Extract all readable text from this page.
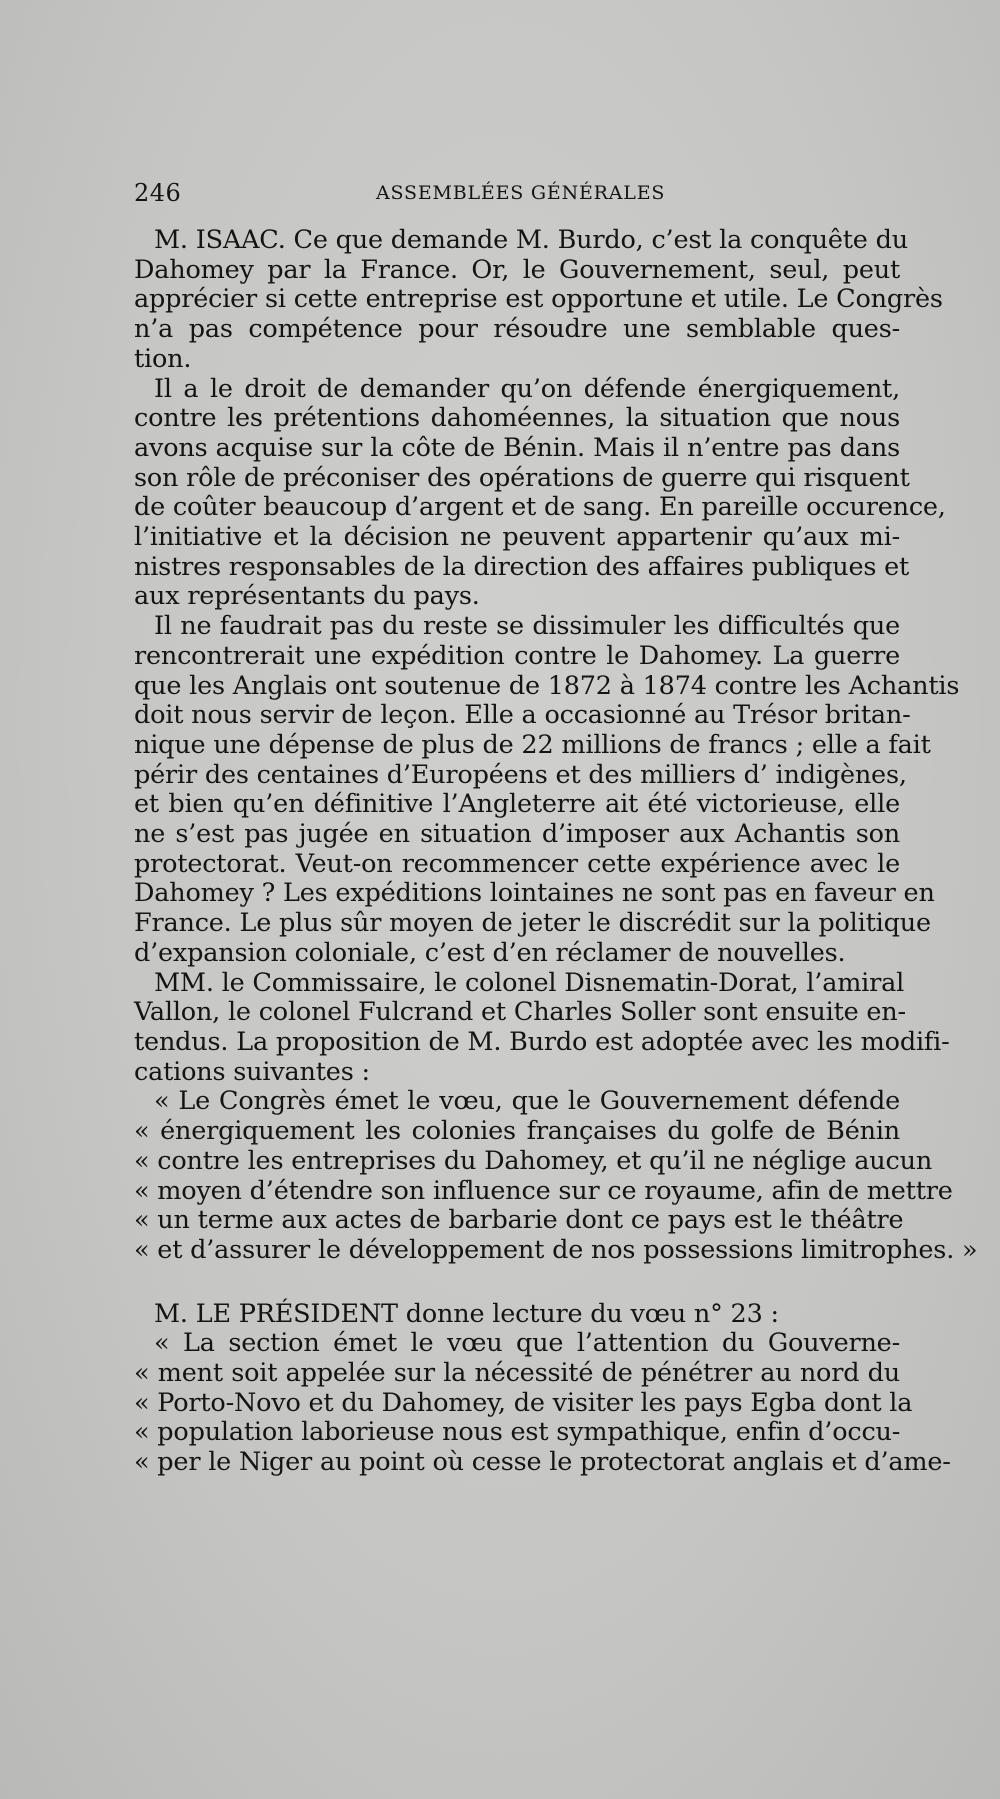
246	ASSEMBLÉES GÉNÉRALES

M. ISAAC. Ce que demande M. Burdo, c’est la conquête du
Dahomey par la France. Or, le Gouvernement, seul, peut
apprécier si cette entreprise est opportune et utile. Le Congrès
n’a pas compétence pour résoudre une semblable ques-
tion.

Il a le droit de demander qu’on défende énergiquement,
contre les prétentions dahoméennes, la situation que nous
avons acquise sur la côte de Bénin. Mais il n’entre pas dans
son rôle de préconiser des opérations de guerre qui risquent
de coûter beaucoup d’argent et de sang. En pareille occurence,
l’initiative et la décision ne peuvent appartenir qu’aux mi-
nistres responsables de la direction des affaires publiques et
aux représentants du pays.

Il ne faudrait pas du reste se dissimuler les difficultés que
rencontrerait une expédition contre le Dahomey. La guerre
que les Anglais ont soutenue de 1872 à 1874 contre les Achantis
doit nous servir de leçon. Elle a occasionné au Trésor britan-
nique une dépense de plus de 22 millions de francs ; elle a fait
périr des centaines d’Européens et des milliers d’ indigènes,
et bien qu’en définitive l’Angleterre ait été victorieuse, elle
ne s’est pas jugée en situation d’imposer aux Achantis son
protectorat. Veut-on recommencer cette expérience avec le
Dahomey ? Les expéditions lointaines ne sont pas en faveur en
France. Le plus sûr moyen de jeter le discrédit sur la politique
d’expansion coloniale, c’est d’en réclamer de nouvelles.

MM. le Commissaire, le colonel Disnematin-Dorat, l’amiral
Vallon, le colonel Fulcrand et Charles Soller sont ensuite en-
tendus. La proposition de M. Burdo est adoptée avec les modifi-
cations suivantes :

« Le Congrès émet le vœu, que le Gouvernement défende
« énergiquement les colonies françaises du golfe de Bénin
« contre les entreprises du Dahomey, et qu’il ne néglige aucun
« moyen d’étendre son influence sur ce royaume, afin de mettre
« un terme aux actes de barbarie dont ce pays est le théâtre
« et d’assurer le développement de nos possessions limitrophes. »

M. LE PRÉSIDENT donne lecture du vœu n° 23 :

« La section émet le vœu que l’attention du Gouverne-
« ment soit appelée sur la nécessité de pénétrer au nord du
« Porto-Novo et du Dahomey, de visiter les pays Egba dont la
« population laborieuse nous est sympathique, enfin d’occu-
« per le Niger au point où cesse le protectorat anglais et d’ame-
